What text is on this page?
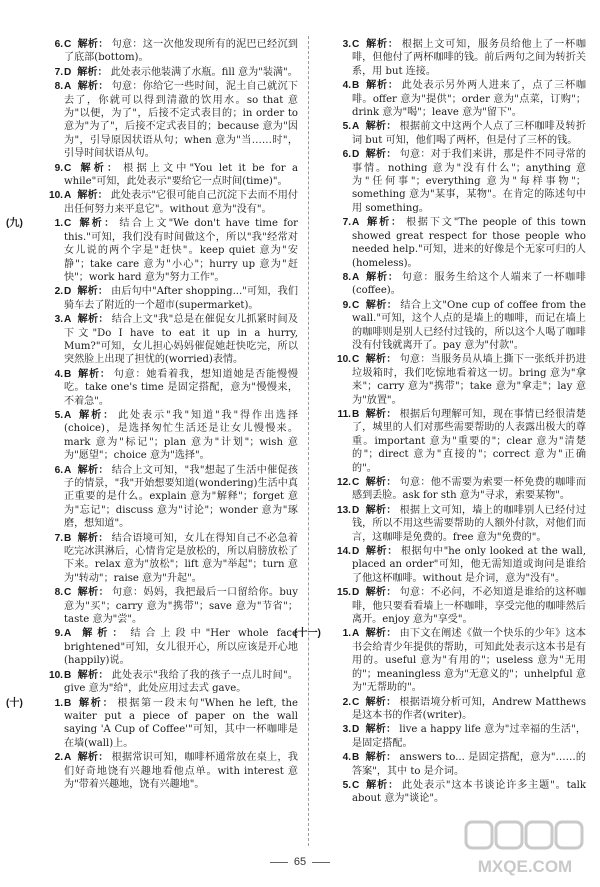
6. C 解析： 句意：这一次他发现所有的泥巴已经沉到了底部(bottom)。
7. D 解析： 此处表示他装满了水瓶。fill 意为"装满"。
8. A 解析： 句意：你给它一些时间，泥土自己就沉下去了，你就可以得到清澈的饮用水。so that 意为"以便，为了"，后接不定式表目的；in order to 意为"为了"，后接不定式表目的；because 意为"因为"，引导原因状语从句；when 意为"当……时"，引导时间状语从句。
9. C 解析： 根据上文中"You let it be for a while"可知，此处表示"要给它一点时间(time)"。
10. A 解析： 此处表示"它很可能自己沉淀下去而不用付出任何努力来平息它"。without 意为"没有"。
(九)	1. C 解析： 结合上文"We don't have time for this."可知，我们没有时间做这个，所以"我"经常对女儿说的两个字是"赶快"。keep quiet 意为"安静"；take care 意为"小心"；hurry up 意为"赶快"；work hard 意为"努力工作"。
2. D 解析： 由后句中"After shopping..."可知，我们骑车去了附近的一个超市(supermarket)。
3. A 解析： 结合上文"我"总是在催促女儿抓紧时间及下文"Do I have to eat it up in a hurry, Mum?"可知，女儿担心妈妈催促她赶快吃完，所以突然脸上出现了担忧的(worried)表情。
4. B 解析： 句意：她看着我，想知道她是否能慢慢吃。take one's time 是固定搭配，意为"慢慢来，不着急"。
5. A 解析： 此处表示"我"知道"我"得作出选择(choice)，是选择匆忙生活还是让女儿慢慢来。mark 意为"标记"；plan 意为"计划"；wish 意为"愿望"；choice 意为"选择"。
6. A 解析： 结合上文可知，"我"想起了生活中催促孩子的情景，"我"开始想要知道(wondering)生活中真正重要的是什么。explain 意为"解释"；forget 意为"忘记"；discuss 意为"讨论"；wonder 意为"琢磨，想知道"。
7. B 解析： 结合语境可知，女儿在得知自己不必急着吃完冰淇淋后，心情肯定是放松的，所以肩膀放松了下来。relax 意为"放松"；lift 意为"举起"；turn 意为"转动"；raise 意为"升起"。
8. C 解析： 句意：妈妈，我把最后一口留给你。buy 意为"买"；carry 意为"携带"；save 意为"节省"；taste 意为"尝"。
9. A 解析： 结合上段中"Her whole face brightened"可知，女儿很开心，所以应该是开心地(happily)说。
10. B 解析： 此处表示"我给了我的孩子一点儿时间"。give 意为"给"，此处应用过去式 gave。
(十)	1. B 解析： 根据第一段末句"When he left, the waiter put a piece of paper on the wall saying 'A Cup of Coffee'"可知，其中一杯咖啡是在墙(wall)上。
2. A 解析： 根据常识可知，咖啡杯通常放在桌上，我们好奇地饶有兴趣地看他点单。with interest 意为"带着兴趣地，饶有兴趣地"。
3. C 解析： 根据上文可知，服务员给他上了一杯咖啡，但他付了两杯咖啡的钱。前后两句之间为转折关系，用 but 连接。
4. B 解析： 此处表示另外两人进来了，点了三杯咖啡。offer 意为"提供"；order 意为"点菜，订购"；drink 意为"喝"；leave 意为"留下"。
5. A 解析： 根据前文中这两个人点了三杯咖啡及转折词 but 可知，他们喝了两杯，但是付了三杯的钱。
6. D 解析： 句意：对于我们来讲，那是件不同寻常的事情。nothing 意为"没有什么"；anything 意为"任何事"；everything 意为"每样事物"；something 意为"某事，某物"。在肯定的陈述句中用 something。
7. A 解析： 根据下文"The people of this town showed great respect for those people who needed help."可知，进来的好像是个无家可归的人(homeless)。
8. A 解析： 句意：服务生给这个人端来了一杯咖啡(coffee)。
9. C 解析： 结合上文"One cup of coffee from the wall."可知，这个人点的是墙上的咖啡，而记在墙上的咖啡则是别人已经付过钱的，所以这个人喝了咖啡没有付钱就离开了。pay 意为"付款"。
10. C 解析： 句意：当服务员从墙上撕下一张纸并扔进垃圾箱时，我们吃惊地看着这一切。bring 意为"拿来"；carry 意为"携带"；take 意为"拿走"；lay 意为"放置"。
11. B 解析： 根据后句理解可知，现在事情已经很清楚了，城里的人们对那些需要帮助的人表露出极大的尊重。important 意为"重要的"；clear 意为"清楚的"；direct 意为"直接的"；correct 意为"正确的"。
12. C 解析： 句意：他不需要为索要一杯免费的咖啡而感到丢脸。ask for sth 意为"寻求，索要某物"。
13. D 解析： 根据上文可知，墙上的咖啡别人已经付过钱，所以不用这些需要帮助的人额外付款，对他们而言，这咖啡是免费的。free 意为"免费的"。
14. D 解析： 根据句中"he only looked at the wall, placed an order"可知，他无需知道或询问是谁给了他这杯咖啡。without 是介词，意为"没有"。
15. D 解析： 句意：不必问，不必知道是谁给的这杯咖啡，他只要看看墙上一杯咖啡，享受完他的咖啡然后离开。enjoy 意为"享受"。
(十一)	1. A 解析： 由下文在阐述《做一个快乐的少年》这本书会给青少年提供的帮助，可知此处表示这本书是有用的。useful 意为"有用的"；useless 意为"无用的"；meaningless 意为"无意义的"；unhelpful 意为"无帮助的"。
2. C 解析： 根据语境分析可知，Andrew Matthews 是这本书的作者(writer)。
3. D 解析： live a happy life 意为"过幸福的生活"，是固定搭配。
4. B 解析： answers to... 是固定搭配，意为"……的答案"，其中 to 是介词。
5. C 解析： 此处表示"这本书谈论许多主题"。talk about 意为"谈论"。
65	MXQE.COM
